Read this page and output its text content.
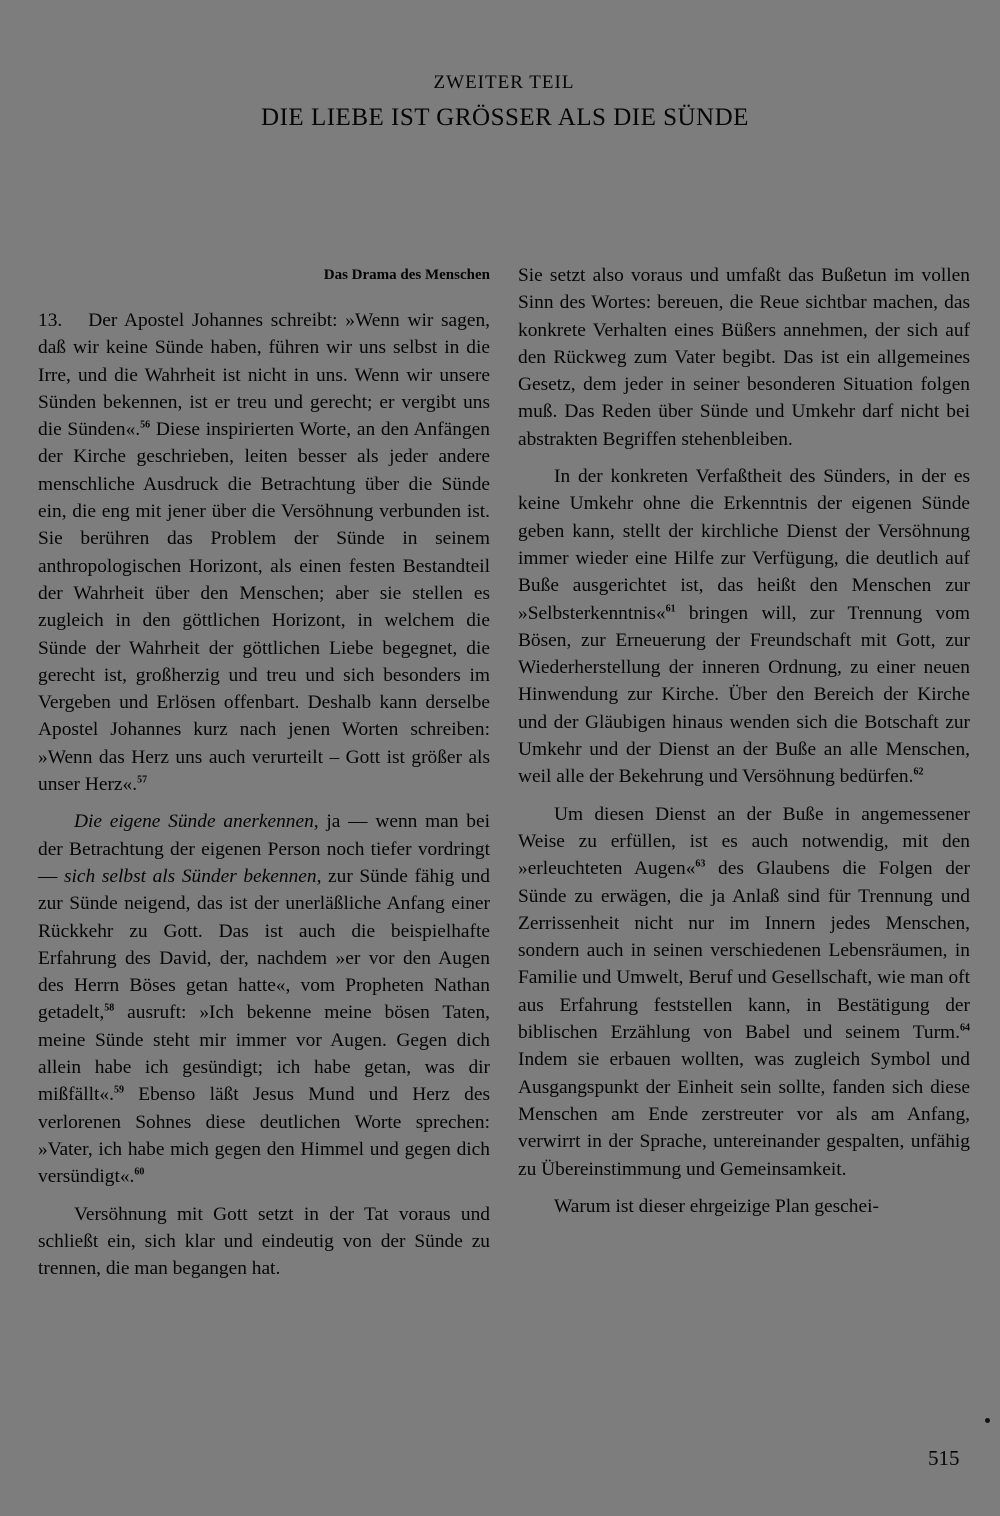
ZWEITER TEIL
DIE LIEBE IST GRÖSSER ALS DIE SÜNDE
Das Drama des Menschen

13. Der Apostel Johannes schreibt: »Wenn wir sagen, daß wir keine Sünde haben, führen wir uns selbst in die Irre, und die Wahrheit ist nicht in uns. Wenn wir unsere Sünden bekennen, ist er treu und gerecht; er vergibt uns die Sünden«.$^{56}$ Diese inspirierten Worte, an den Anfängen der Kirche geschrieben, leiten besser als jeder andere menschliche Ausdruck die Betrachtung über die Sünde ein, die eng mit jener über die Versöhnung verbunden ist. Sie berühren das Problem der Sünde in seinem anthropologischen Horizont, als einen festen Bestandteil der Wahrheit über den Menschen; aber sie stellen es zugleich in den göttlichen Horizont, in welchem die Sünde der Wahrheit der göttlichen Liebe begegnet, die gerecht ist, großherzig und treu und sich besonders im Vergeben und Erlösen offenbart. Deshalb kann derselbe Apostel Johannes kurz nach jenen Worten schreiben: »Wenn das Herz uns auch verurteilt – Gott ist größer als unser Herz«.$^{57}$

Die eigene Sünde anerkennen, ja — wenn man bei der Betrachtung der eigenen Person noch tiefer vordringt — sich selbst als Sünder bekennen, zur Sünde fähig und zur Sünde neigend, das ist der unerläßliche Anfang einer Rückkehr zu Gott. Das ist auch die beispielhafte Erfahrung des David, der, nachdem »er vor den Augen des Herrn Böses getan hatte«, vom Propheten Nathan getadelt,$^{58}$ ausruft: »Ich bekenne meine bösen Taten, meine Sünde steht mir immer vor Augen. Gegen dich allein habe ich gesündigt; ich habe getan, was dir mißfällt«.$^{59}$ Ebenso läßt Jesus Mund und Herz des verlorenen Sohnes diese deutlichen Worte sprechen: »Vater, ich habe mich gegen den Himmel und gegen dich versündigt«.$^{60}$

Versöhnung mit Gott setzt in der Tat voraus und schließt ein, sich klar und eindeutig von der Sünde zu trennen, die man begangen hat.

Sie setzt also voraus und umfaßt das Bußetun im vollen Sinn des Wortes: bereuen, die Reue sichtbar machen, das konkrete Verhalten eines Büßers annehmen, der sich auf den Rückweg zum Vater begibt. Das ist ein allgemeines Gesetz, dem jeder in seiner besonderen Situation folgen muß. Das Reden über Sünde und Umkehr darf nicht bei abstrakten Begriffen stehenbleiben.

In der konkreten Verfaßtheit des Sünders, in der es keine Umkehr ohne die Erkenntnis der eigenen Sünde geben kann, stellt der kirchliche Dienst der Versöhnung immer wieder eine Hilfe zur Verfügung, die deutlich auf Buße ausgerichtet ist, das heißt den Menschen zur »Selbsterkenntnis«$^{61}$ bringen will, zur Trennung vom Bösen, zur Erneuerung der Freundschaft mit Gott, zur Wiederherstellung der inneren Ordnung, zu einer neuen Hinwendung zur Kirche. Über den Bereich der Kirche und der Gläubigen hinaus wenden sich die Botschaft zur Umkehr und der Dienst an der Buße an alle Menschen, weil alle der Bekehrung und Versöhnung bedürfen.$^{62}$

Um diesen Dienst an der Buße in angemessener Weise zu erfüllen, ist es auch notwendig, mit den »erleuchteten Augen«$^{63}$ des Glaubens die Folgen der Sünde zu erwägen, die ja Anlaß sind für Trennung und Zerrissenheit nicht nur im Innern jedes Menschen, sondern auch in seinen verschiedenen Lebensräumen, in Familie und Umwelt, Beruf und Gesellschaft, wie man oft aus Erfahrung feststellen kann, in Bestätigung der biblischen Erzählung von Babel und seinem Turm.$^{64}$ Indem sie erbauen wollten, was zugleich Symbol und Ausgangspunkt der Einheit sein sollte, fanden sich diese Menschen am Ende zerstreuter vor als am Anfang, verwirrt in der Sprache, untereinander gespalten, unfähig zu Übereinstimmung und Gemeinsamkeit.

Warum ist dieser ehrgeizige Plan geschei-

515
